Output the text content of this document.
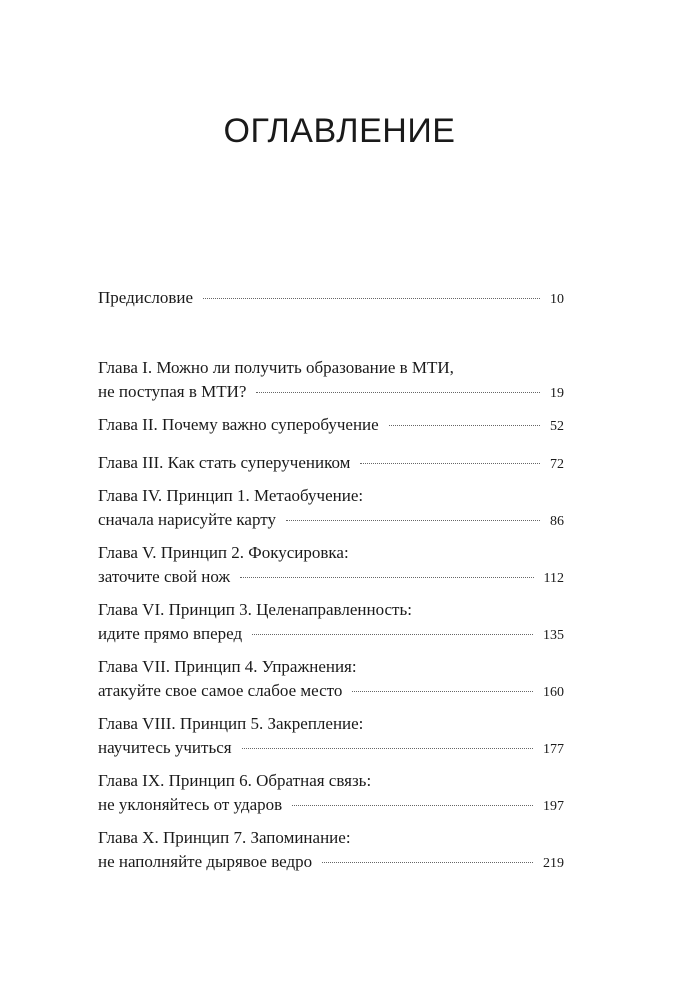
ОГЛАВЛЕНИЕ
Предисловие	10
Глава I. Можно ли получить образование в МТИ,
не поступая в МТИ?	19
Глава II. Почему важно суперобучение	52
Глава III. Как стать суперучеником	72
Глава IV. Принцип 1. Метаобучение:
сначала нарисуйте карту	86
Глава V. Принцип 2. Фокусировка:
заточите свой нож	112
Глава VI. Принцип 3. Целенаправленность:
идите прямо вперед	135
Глава VII. Принцип 4. Упражнения:
атакуйте свое самое слабое место	160
Глава VIII. Принцип 5. Закрепление:
научитесь учиться	177
Глава IX. Принцип 6. Обратная связь:
не уклоняйтесь от ударов	197
Глава X. Принцип 7. Запоминание:
не наполняйте дырявое ведро	219
